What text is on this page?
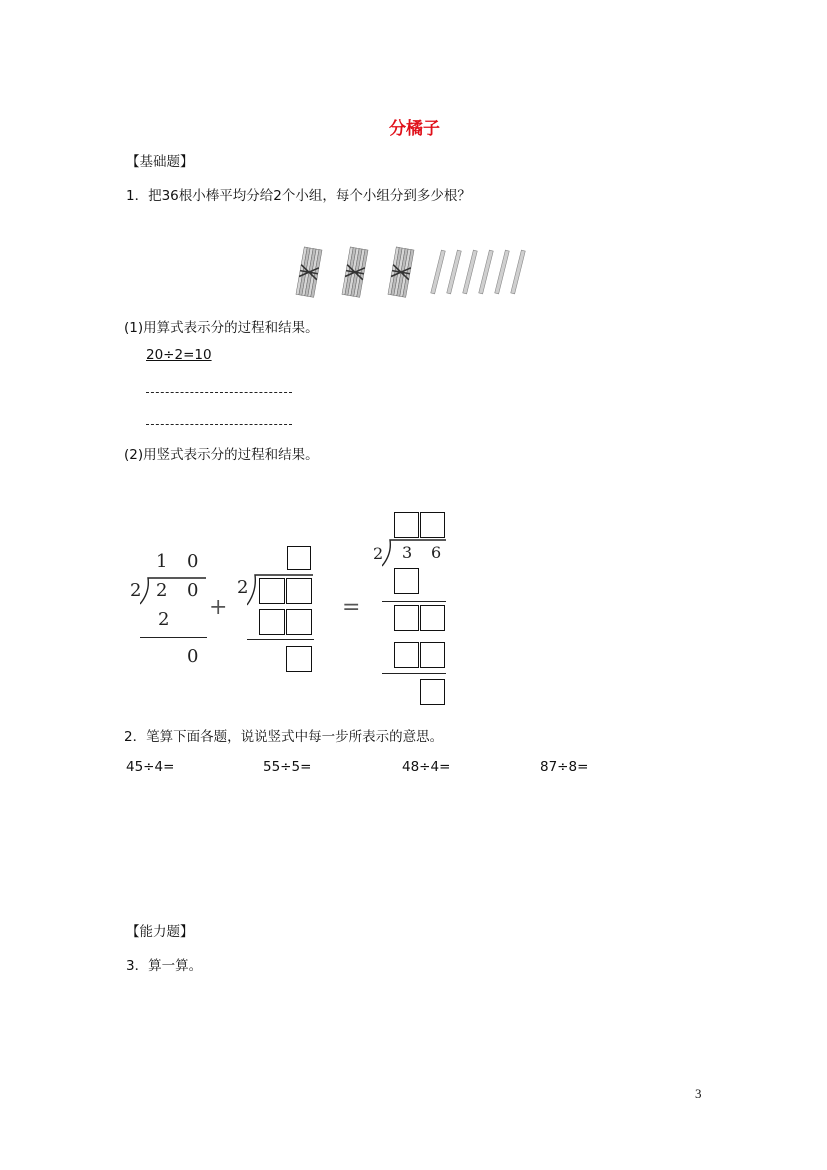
分橘子
【基础题】
1．把36根小棒平均分给2个小组，每个小组分到多少根？
(1)用算式表示分的过程和结果。
20÷2=10
(2)用竖式表示分的过程和结果。
1 0
2 2 0
2
0
+
2
=
2 3 6
2．笔算下面各题，说说竖式中每一步所表示的意思。
45÷4=	55÷5=	48÷4=	87÷8=
【能力题】
3．算一算。
3
